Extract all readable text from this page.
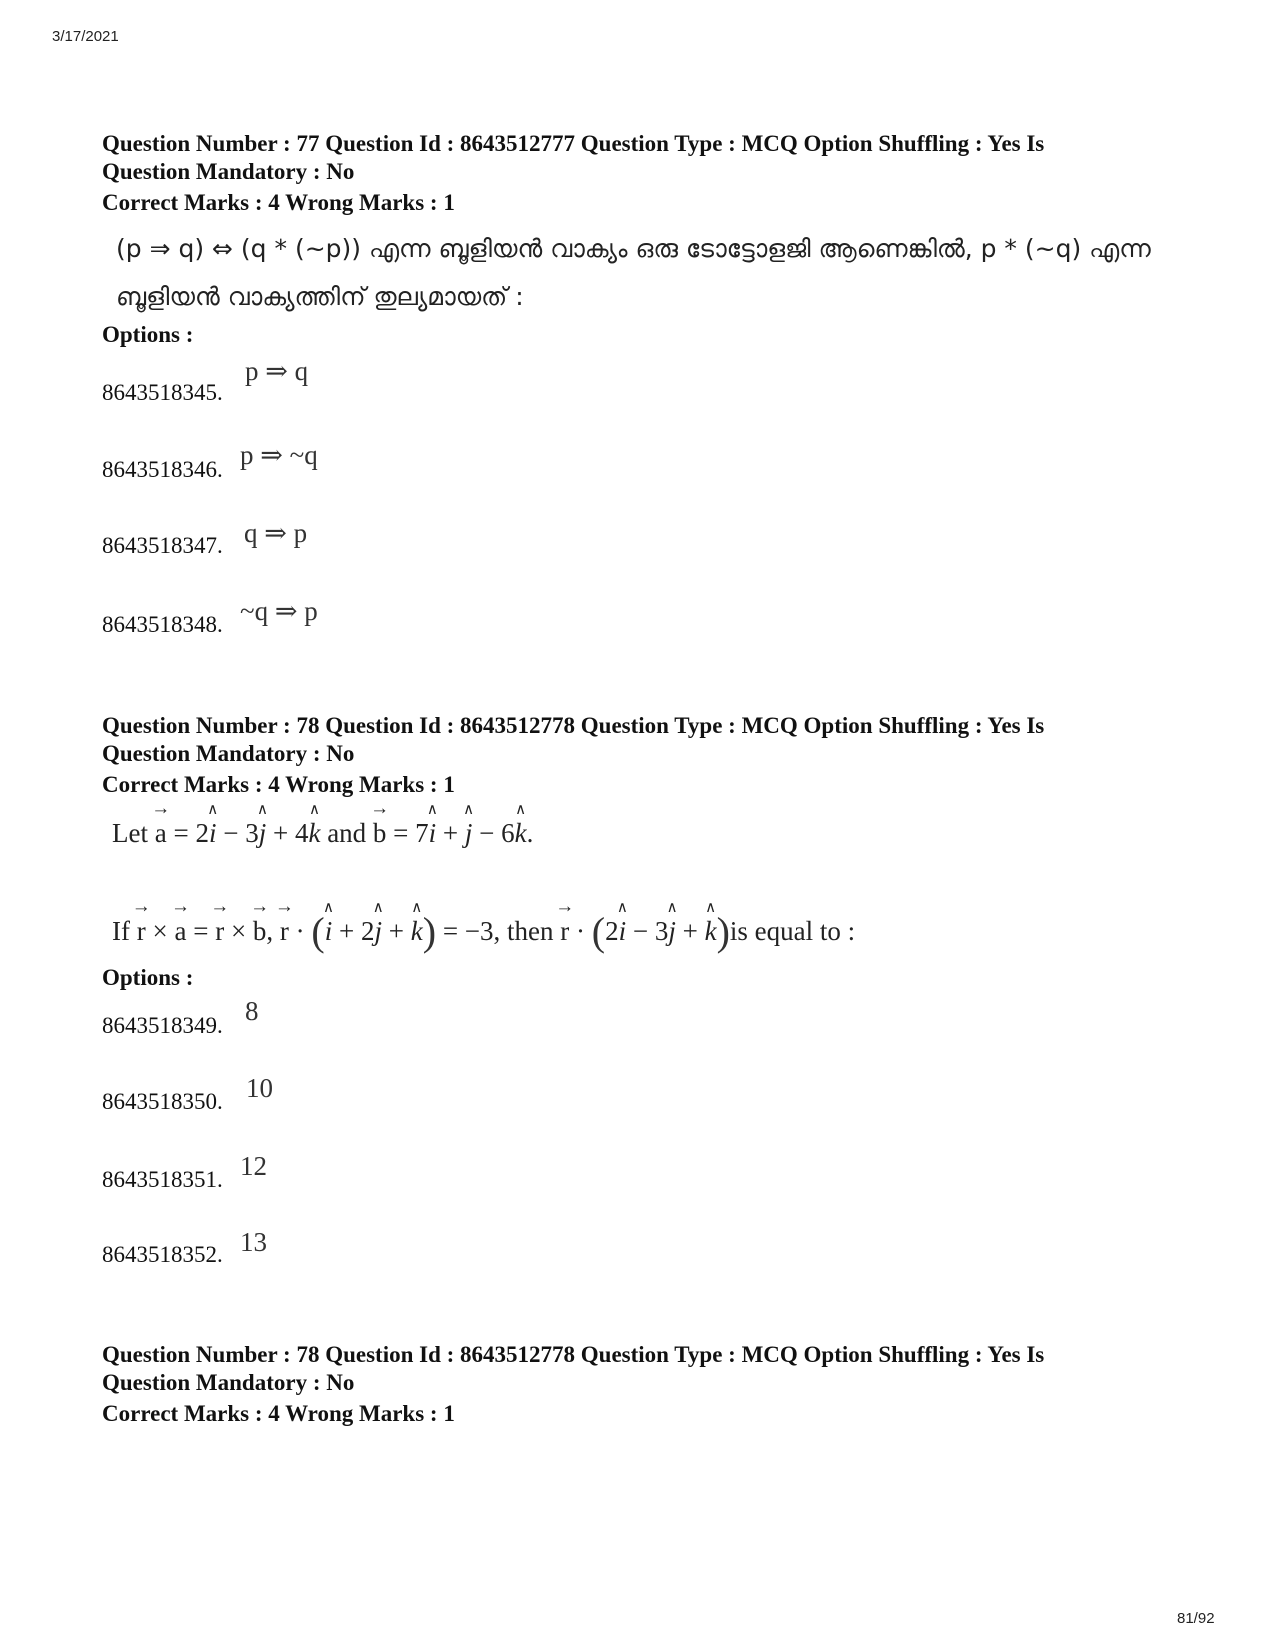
3/17/2021
81/92
Question Number : 77 Question Id : 8643512777 Question Type : MCQ Option Shuffling : Yes Is
Question Mandatory : No
Correct Marks : 4 Wrong Marks : 1
(p ⇒ q) ⇔ (q * (~p)) എന്ന ബൂളിയൻ വാക്യം ഒരു ടോട്ടോളജി ആണെങ്കിൽ, p * (~q) എന്ന
ബൂളിയൻ വാക്യത്തിന് തുല്യമായത് :
Options :
8643518345.
p ⇒ q
8643518346. p ⇒ ~q
8643518347. q ⇒ p
8643518348. ~q ⇒ p
Question Number : 78 Question Id : 8643512778 Question Type : MCQ Option Shuffling : Yes Is
Question Mandatory : No
Correct Marks : 4 Wrong Marks : 1
Let → a = 2∧ i − 3∧ j + 4∧ k and → b = 7∧ i + ∧ j − 6∧ k.
If → r × → a = → r × → b, → r · (∧ i + 2∧ j + ∧ k) = −3, then → r · (2∧ i − 3∧ j + ∧ k)is equal to :
Options :
8643518349. 8
8643518350. 10
8643518351. 12
8643518352. 13
Question Number : 78 Question Id : 8643512778 Question Type : MCQ Option Shuffling : Yes Is
Question Mandatory : No
Correct Marks : 4 Wrong Marks : 1
